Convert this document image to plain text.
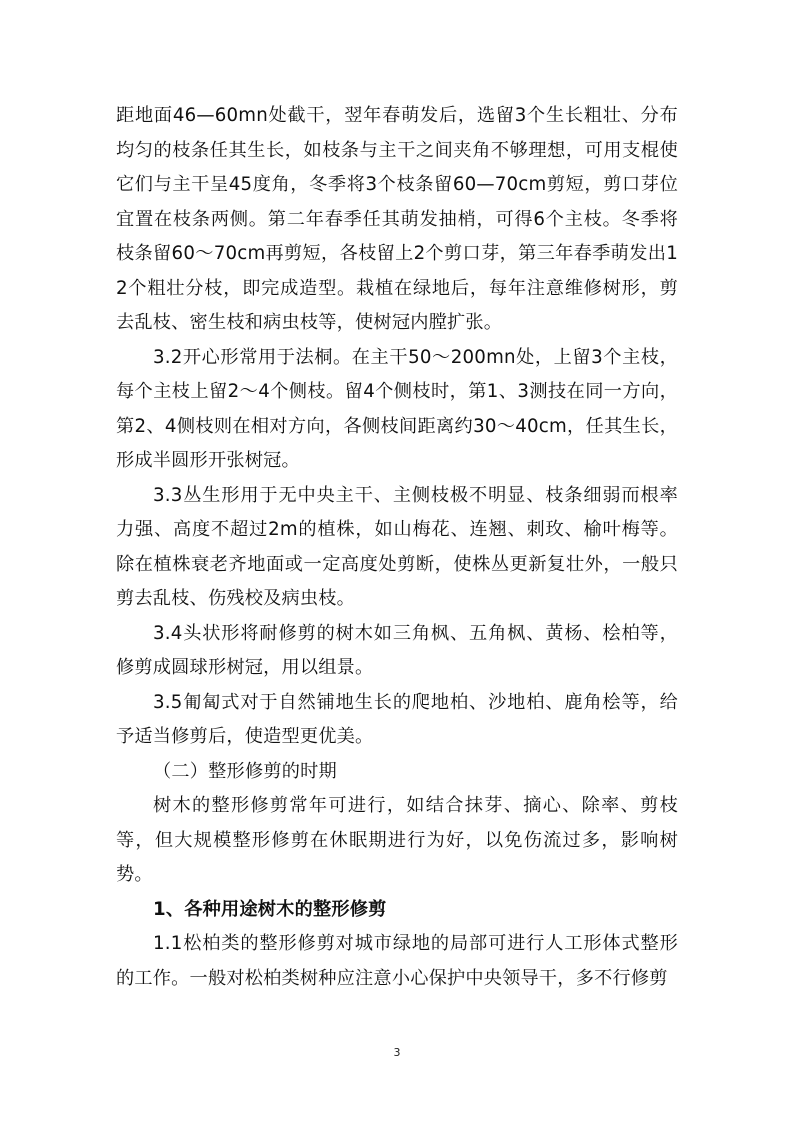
距地面46—60mn处截干，翌年春萌发后，选留3个生长粗壮、分布均匀的枝条任其生长，如枝条与主干之间夹角不够理想，可用支棍使它们与主干呈45度角，冬季将3个枝条留60—70cm剪短，剪口芽位宜置在枝条两侧。第二年春季任其萌发抽梢，可得6个主枝。冬季将枝条留60～70cm再剪短，各枝留上2个剪口芽，第三年春季萌发出12个粗壮分枝，即完成造型。栽植在绿地后，每年注意维修树形，剪去乱枝、密生枝和病虫枝等，使树冠内膛扩张。

3.2开心形常用于法桐。在主干50～200mn处，上留3个主枝，每个主枝上留2～4个侧枝。留4个侧枝时，第1、3测技在同一方向，第2、4侧枝则在相对方向，各侧枝间距离约30～40cm，任其生长，形成半圆形开张树冠。

3.3丛生形用于无中央主干、主侧枝极不明显、枝条细弱而根率力强、高度不超过2m的植株，如山梅花、连翘、刺玫、榆叶梅等。除在植株衰老齐地面或一定高度处剪断，使株丛更新复壮外，一般只剪去乱枝、伤残校及病虫枝。

3.4头状形将耐修剪的树木如三角枫、五角枫、黄杨、桧柏等，修剪成圆球形树冠，用以组景。

3.5匍匐式对于自然铺地生长的爬地柏、沙地柏、鹿角桧等，给予适当修剪后，使造型更优美。

（二）整形修剪的时期

树木的整形修剪常年可进行，如结合抹芽、摘心、除率、剪枝等，但大规模整形修剪在休眠期进行为好，以免伤流过多，影响树势。

1、各种用途树木的整形修剪

1.1松柏类的整形修剪对城市绿地的局部可进行人工形体式整形的工作。一般对松柏类树种应注意小心保护中央领导干，多不行修剪

3
